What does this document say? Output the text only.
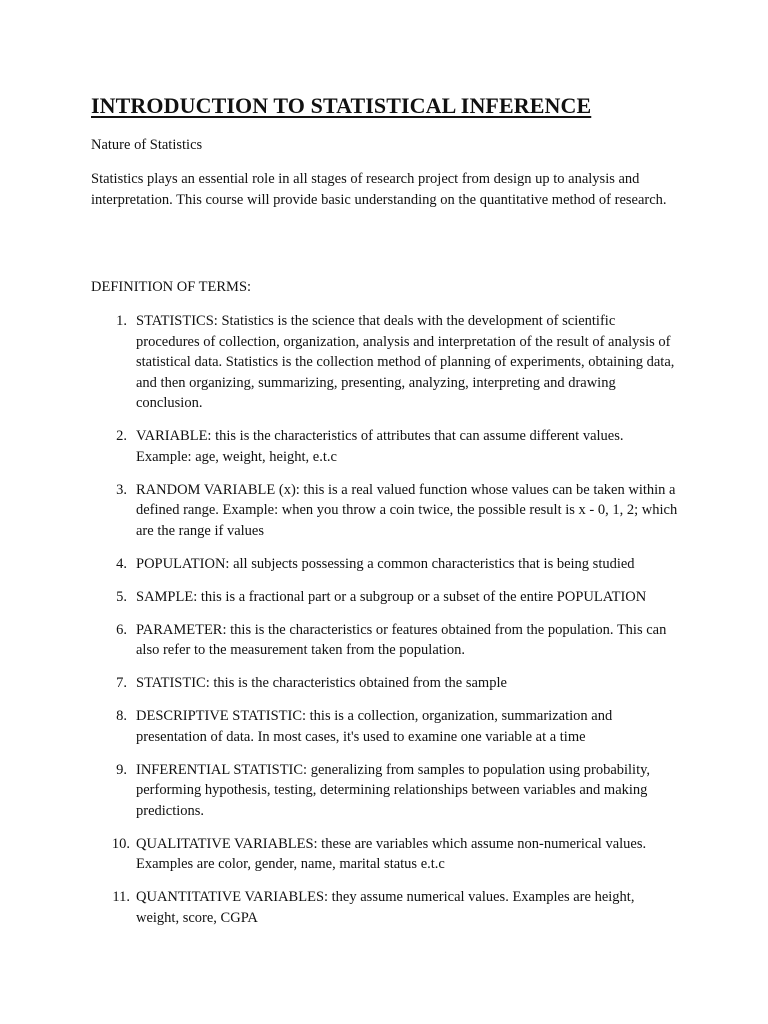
INTRODUCTION TO STATISTICAL INFERENCE

Nature of Statistics

Statistics plays an essential role in all stages of research project from design up to analysis and interpretation. This course will provide basic understanding on the quantitative method of research.

DEFINITION OF TERMS:

1. STATISTICS: Statistics is the science that deals with the development of scientific procedures of collection, organization, analysis and interpretation of the result of analysis of statistical data. Statistics is the collection method of planning of experiments, obtaining data, and then organizing, summarizing, presenting, analyzing, interpreting and drawing conclusion.
2. VARIABLE: this is the characteristics of attributes that can assume different values. Example: age, weight, height, e.t.c
3. RANDOM VARIABLE (x): this is a real valued function whose values can be taken within a defined range. Example: when you throw a coin twice, the possible result is x - 0, 1, 2; which are the range if values
4. POPULATION: all subjects possessing a common characteristics that is being studied
5. SAMPLE: this is a fractional part or a subgroup or a subset of the entire POPULATION
6. PARAMETER: this is the characteristics or features obtained from the population. This can also refer to the measurement taken from the population.
7. STATISTIC: this is the characteristics obtained from the sample
8. DESCRIPTIVE STATISTIC: this is a collection, organization, summarization and presentation of data. In most cases, it's used to examine one variable at a time
9. INFERENTIAL STATISTIC: generalizing from samples to population using probability, performing hypothesis, testing, determining relationships between variables and making predictions.
10. QUALITATIVE VARIABLES: these are variables which assume non-numerical values. Examples are color, gender, name, marital status e.t.c
11. QUANTITATIVE VARIABLES: they assume numerical values. Examples are height, weight, score, CGPA
